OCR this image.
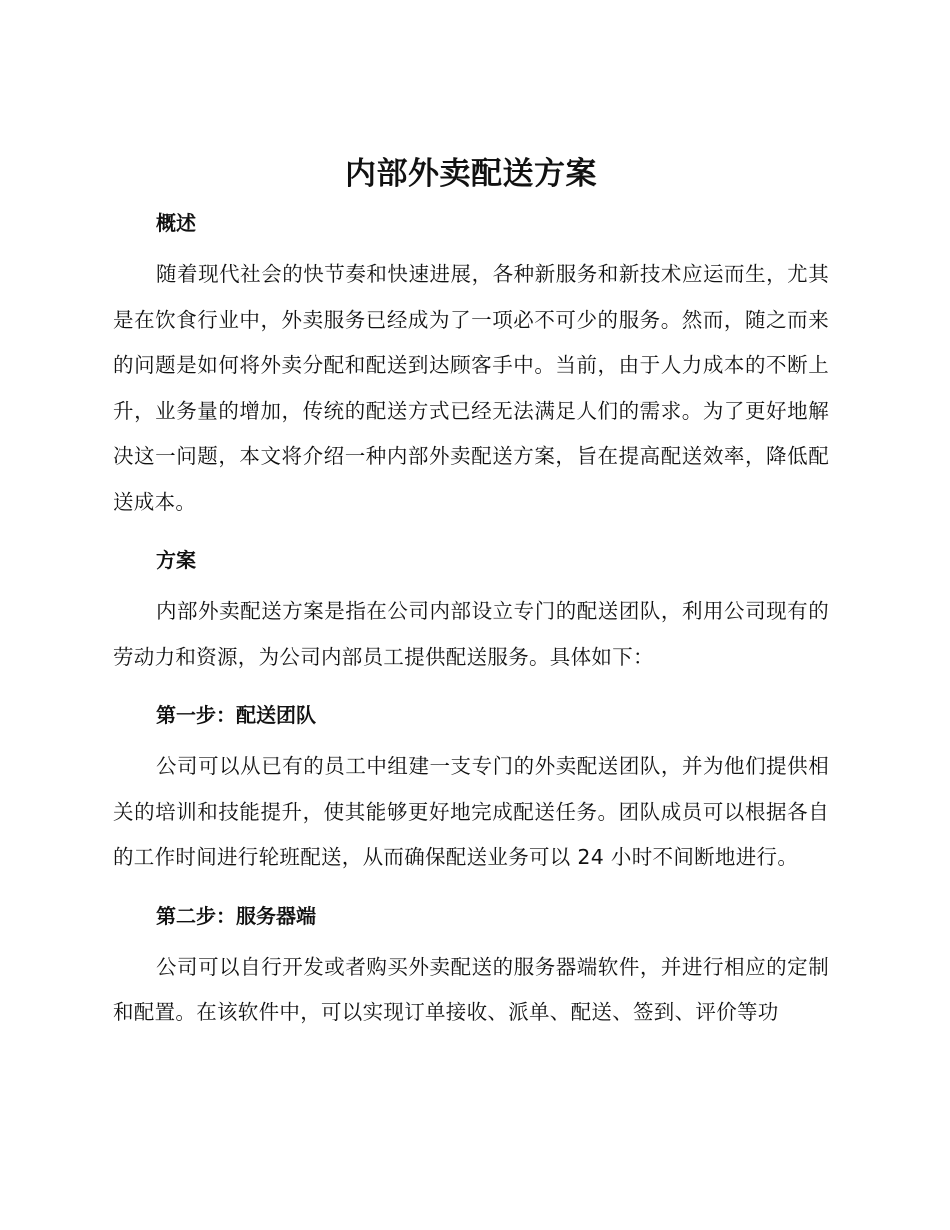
内部外卖配送方案
概述

随着现代社会的快节奏和快速进展，各种新服务和新技术应运而生，尤其是在饮食行业中，外卖服务已经成为了一项必不可少的服务。然而，随之而来的问题是如何将外卖分配和配送到达顾客手中。当前，由于人力成本的不断上升，业务量的增加，传统的配送方式已经无法满足人们的需求。为了更好地解决这一问题，本文将介绍一种内部外卖配送方案，旨在提高配送效率，降低配送成本。

方案

内部外卖配送方案是指在公司内部设立专门的配送团队，利用公司现有的劳动力和资源，为公司内部员工提供配送服务。具体如下：

第一步：配送团队

公司可以从已有的员工中组建一支专门的外卖配送团队，并为他们提供相关的培训和技能提升，使其能够更好地完成配送任务。团队成员可以根据各自的工作时间进行轮班配送，从而确保配送业务可以 24 小时不间断地进行。

第二步：服务器端

公司可以自行开发或者购买外卖配送的服务器端软件，并进行相应的定制和配置。在该软件中，可以实现订单接收、派单、配送、签到、评价等功
